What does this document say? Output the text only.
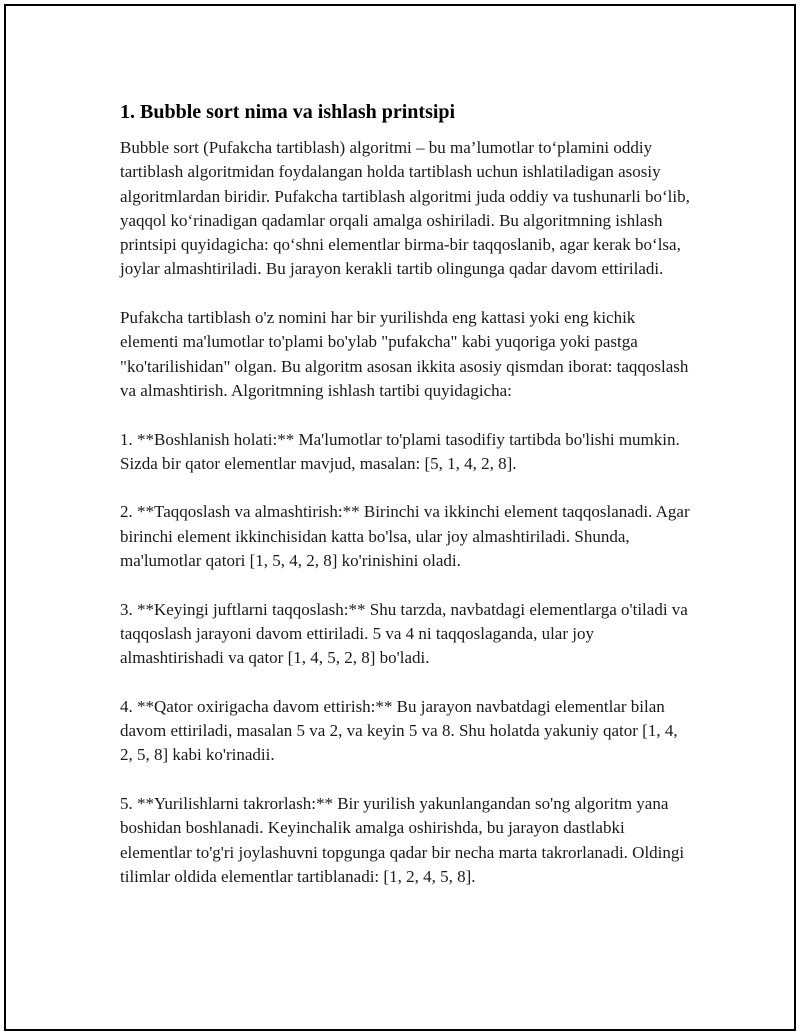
1. Bubble sort nima va ishlash printsipi

Bubble sort (Pufakcha tartiblash) algoritmi – bu ma’lumotlar to‘plamini oddiy tartiblash algoritmidan foydalangan holda tartiblash uchun ishlatiladigan asosiy algoritmlardan biridir. Pufakcha tartiblash algoritmi juda oddiy va tushunarli bo‘lib, yaqqol ko‘rinadigan qadamlar orqali amalga oshiriladi. Bu algoritmning ishlash printsipi quyidagicha: qo‘shni elementlar birma-bir taqqoslanib, agar kerak bo‘lsa, joylar almashtiriladi. Bu jarayon kerakli tartib olingunga qadar davom ettiriladi.

Pufakcha tartiblash o'z nomini har bir yurilishda eng kattasi yoki eng kichik elementi ma'lumotlar to'plami bo'ylab "pufakcha" kabi yuqoriga yoki pastga "ko'tarilishidan" olgan. Bu algoritm asosan ikkita asosiy qismdan iborat: taqqoslash va almashtirish. Algoritmning ishlash tartibi quyidagicha:

1. **Boshlanish holati:** Ma'lumotlar to'plami tasodifiy tartibda bo'lishi mumkin. Sizda bir qator elementlar mavjud, masalan: [5, 1, 4, 2, 8].

2. **Taqqoslash va almashtirish:** Birinchi va ikkinchi element taqqoslanadi. Agar birinchi element ikkinchisidan katta bo'lsa, ular joy almashtiriladi. Shunda, ma'lumotlar qatori [1, 5, 4, 2, 8] ko'rinishini oladi.

3. **Keyingi juftlarni taqqoslash:** Shu tarzda, navbatdagi elementlarga o'tiladi va taqqoslash jarayoni davom ettiriladi. 5 va 4 ni taqqoslaganda, ular joy almashtirishadi va qator [1, 4, 5, 2, 8] bo'ladi.

4. **Qator oxirigacha davom ettirish:** Bu jarayon navbatdagi elementlar bilan davom ettiriladi, masalan 5 va 2, va keyin 5 va 8. Shu holatda yakuniy qator [1, 4, 2, 5, 8] kabi ko'rinadii.

5. **Yurilishlarni takrorlash:** Bir yurilish yakunlangandan so'ng algoritm yana boshidan boshlanadi. Keyinchalik amalga oshirishda, bu jarayon dastlabki elementlar to'g'ri joylashuvni topgunga qadar bir necha marta takrorlanadi. Oldingi tilimlar oldida elementlar tartiblanadi: [1, 2, 4, 5, 8].
